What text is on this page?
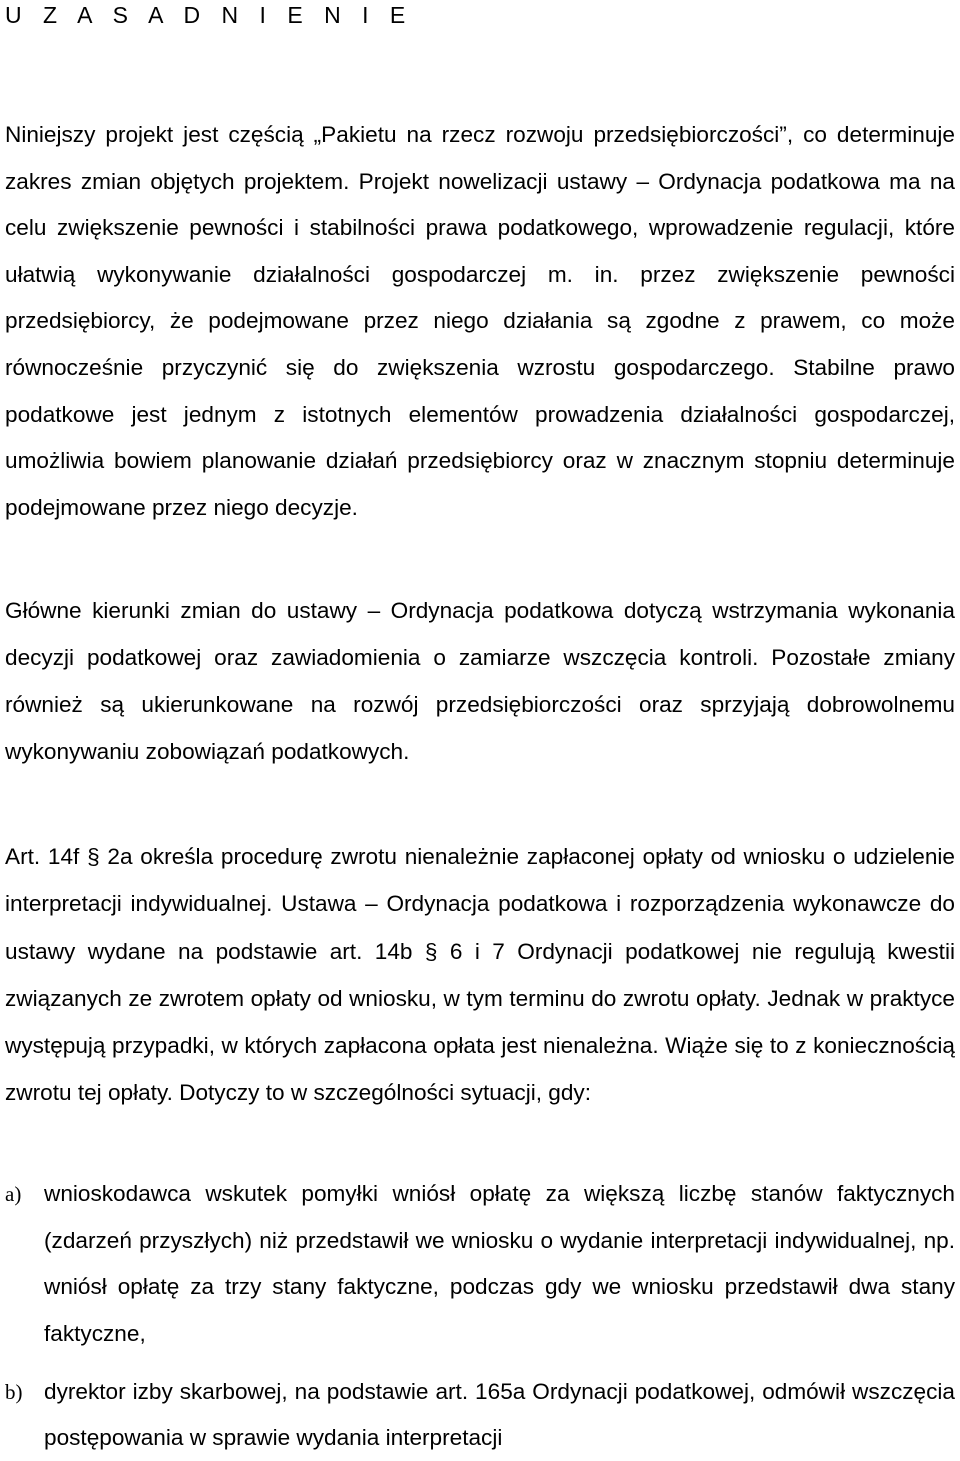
U Z A S A D N I E N I E

Niniejszy projekt jest częścią „Pakietu na rzecz rozwoju przedsiębiorczości”, co determinuje zakres zmian objętych projektem. Projekt nowelizacji ustawy – Ordynacja podatkowa ma na celu zwiększenie pewności i stabilności prawa podatkowego, wprowadzenie regulacji, które ułatwią wykonywanie działalności gospodarczej m. in. przez zwiększenie pewności przedsiębiorcy, że podejmowane przez niego działania są zgodne z prawem, co może równocześnie przyczynić się do zwiększenia wzrostu gospodarczego. Stabilne prawo podatkowe jest jednym z istotnych elementów prowadzenia działalności gospodarczej, umożliwia bowiem planowanie działań przedsiębiorcy oraz w znacznym stopniu determinuje podejmowane przez niego decyzje.

Główne kierunki zmian do ustawy – Ordynacja podatkowa dotyczą wstrzymania wykonania decyzji podatkowej oraz zawiadomienia o zamiarze wszczęcia kontroli. Pozostałe zmiany również są ukierunkowane na rozwój przedsiębiorczości oraz sprzyjają dobrowolnemu wykonywaniu zobowiązań podatkowych.

Art. 14f § 2a określa procedurę zwrotu nienależnie zapłaconej opłaty od wniosku o udzielenie interpretacji indywidualnej. Ustawa – Ordynacja podatkowa i rozporządzenia wykonawcze do ustawy wydane na podstawie art. 14b § 6 i 7 Ordynacji podatkowej nie regulują kwestii związanych ze zwrotem opłaty od wniosku, w tym terminu do zwrotu opłaty. Jednak w praktyce występują przypadki, w których zapłacona opłata jest nienależna. Wiąże się to z koniecznością zwrotu tej opłaty. Dotyczy to w szczególności sytuacji, gdy:

a) wnioskodawca wskutek pomyłki wniósł opłatę za większą liczbę stanów faktycznych (zdarzeń przyszłych) niż przedstawił we wniosku o wydanie interpretacji indywidualnej, np. wniósł opłatę za trzy stany faktyczne, podczas gdy we wniosku przedstawił dwa stany faktyczne,

b) dyrektor izby skarbowej, na podstawie art. 165a Ordynacji podatkowej, odmówił wszczęcia postępowania w sprawie wydania interpretacji
